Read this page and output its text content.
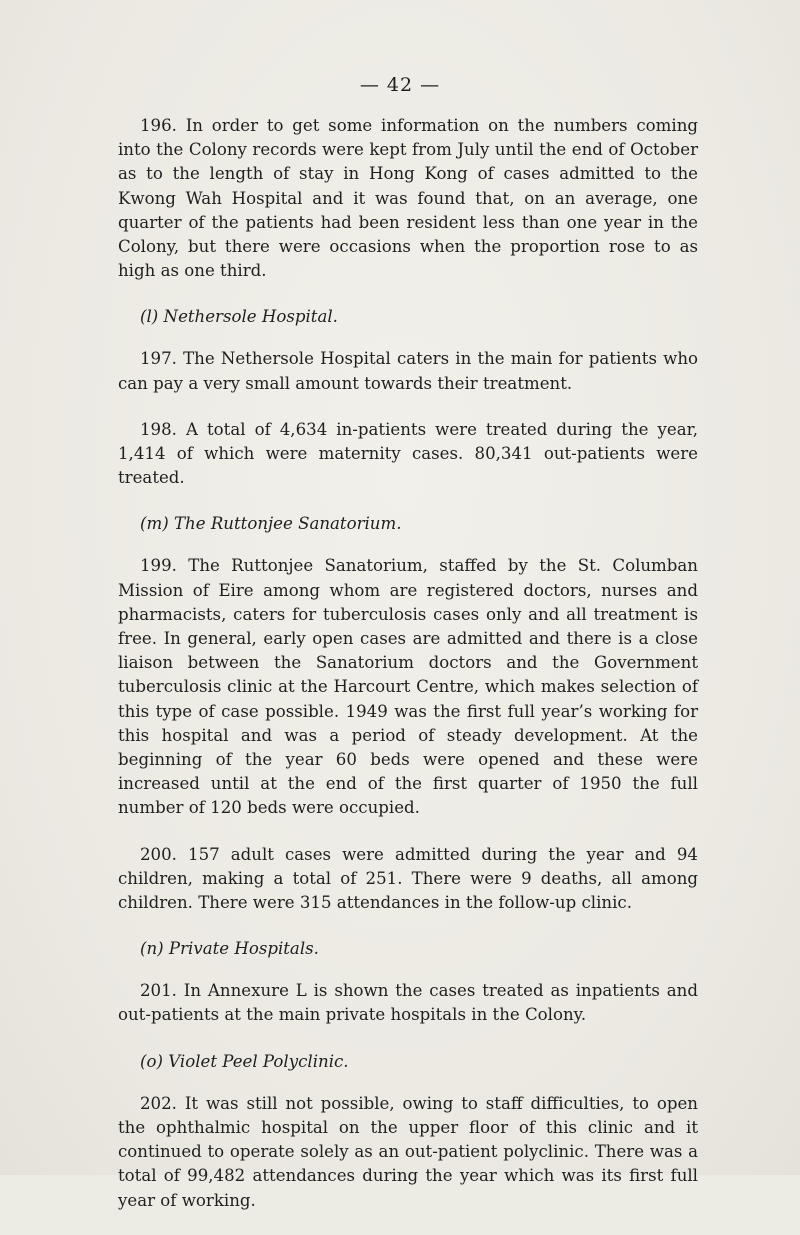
— 42 —

196. In order to get some information on the numbers coming into the Colony records were kept from July until the end of October as to the length of stay in Hong Kong of cases admitted to the Kwong Wah Hospital and it was found that, on an average, one quarter of the patients had been resident less than one year in the Colony, but there were occasions when the proportion rose to as high as one third.

(l) Nethersole Hospital.

197. The Nethersole Hospital caters in the main for patients who can pay a very small amount towards their treatment.

198. A total of 4,634 in-patients were treated during the year, 1,414 of which were maternity cases. 80,341 out-patients were treated.

(m) The Ruttonjee Sanatorium.

199. The Ruttonjee Sanatorium, staffed by the St. Columban Mission of Eire among whom are registered doctors, nurses and pharmacists, caters for tuberculosis cases only and all treatment is free. In general, early open cases are admitted and there is a close liaison between the Sanatorium doctors and the Government tuberculosis clinic at the Harcourt Centre, which makes selection of this type of case possible. 1949 was the first full year’s working for this hospital and was a period of steady development. At the beginning of the year 60 beds were opened and these were increased until at the end of the first quarter of 1950 the full number of 120 beds were occupied.

200. 157 adult cases were admitted during the year and 94 children, making a total of 251. There were 9 deaths, all among children. There were 315 attendances in the follow-up clinic.

(n) Private Hospitals.

201. In Annexure L is shown the cases treated as inpatients and out-patients at the main private hospitals in the Colony.

(o) Violet Peel Polyclinic.

202. It was still not possible, owing to staff difficulties, to open the ophthalmic hospital on the upper floor of this clinic and it continued to operate solely as an out-patient polyclinic. There was a total of 99,482 attendances during the year which was its first full year of working.
